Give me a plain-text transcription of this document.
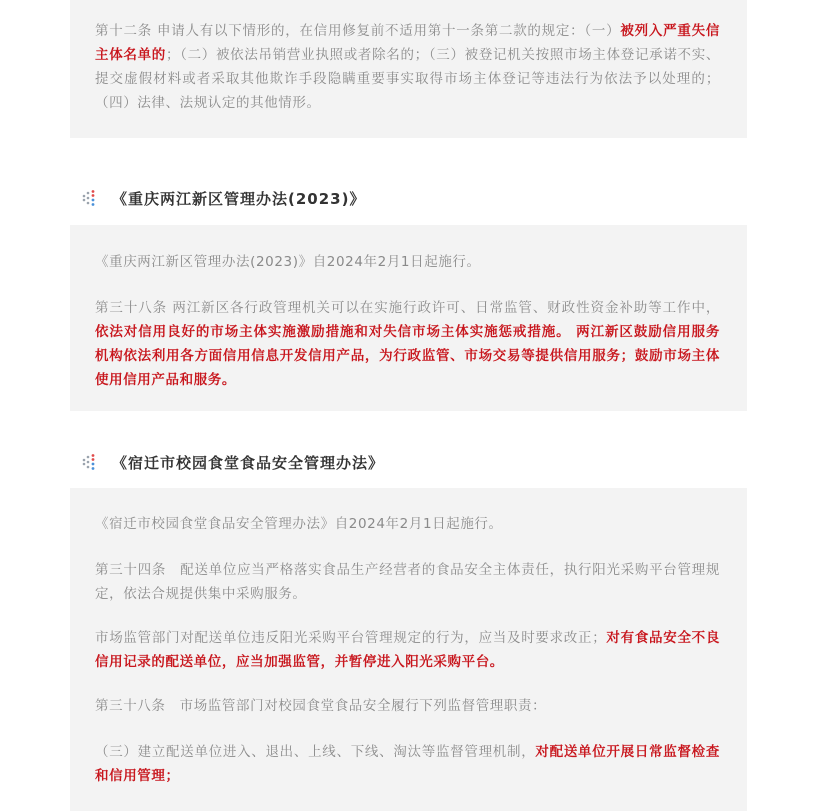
第十二条 申请人有以下情形的，在信用修复前不适用第十一条第二款的规定：（一）被列入严重失信主体名单的；（二）被依法吊销营业执照或者除名的；（三）被登记机关按照市场主体登记承诺不实、提交虚假材料或者采取其他欺诈手段隐瞒重要事实取得市场主体登记等违法行为依法予以处理的；（四）法律、法规认定的其他情形。

《重庆两江新区管理办法(2023)》

《重庆两江新区管理办法(2023)》自2024年2月1日起施行。

第三十八条 两江新区各行政管理机关可以在实施行政许可、日常监管、财政性资金补助等工作中，依法对信用良好的市场主体实施激励措施和对失信市场主体实施惩戒措施。 两江新区鼓励信用服务机构依法利用各方面信用信息开发信用产品，为行政监管、市场交易等提供信用服务；鼓励市场主体使用信用产品和服务。

《宿迁市校园食堂食品安全管理办法》

《宿迁市校园食堂食品安全管理办法》自2024年2月1日起施行。

第三十四条　配送单位应当严格落实食品生产经营者的食品安全主体责任，执行阳光采购平台管理规定，依法合规提供集中采购服务。

市场监管部门对配送单位违反阳光采购平台管理规定的行为，应当及时要求改正；对有食品安全不良信用记录的配送单位，应当加强监管，并暂停进入阳光采购平台。

第三十八条　市场监管部门对校园食堂食品安全履行下列监督管理职责：

（三）建立配送单位进入、退出、上线、下线、淘汰等监督管理机制，对配送单位开展日常监督检查和信用管理；
